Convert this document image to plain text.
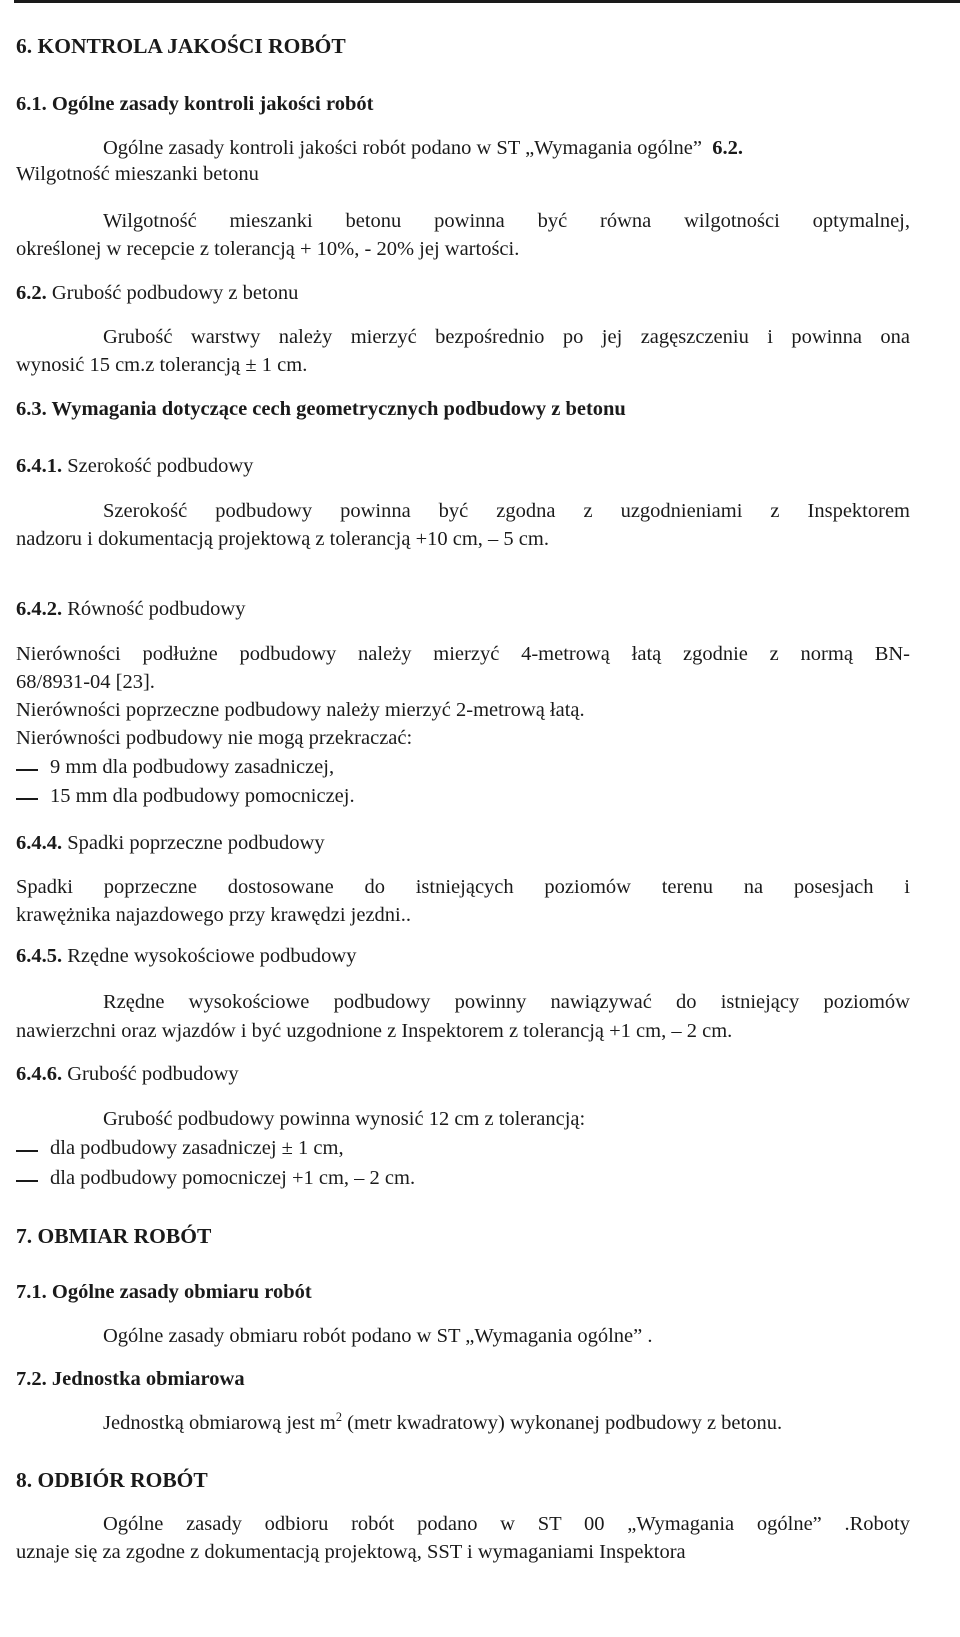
6. KONTROLA JAKOŚCI ROBÓT

6.1. Ogólne zasady kontroli jakości robót

Ogólne zasady kontroli jakości robót podano w ST „Wymagania ogólne” 6.2.

Wilgotność mieszanki betonu

Wilgotność mieszanki betonu powinna być równa wilgotności optymalnej,

określonej w recepcie z tolerancją + 10%, - 20% jej wartości.

6.2. Grubość podbudowy z betonu

Grubość warstwy należy mierzyć bezpośrednio po jej zagęszczeniu i powinna ona

wynosić 15 cm.z tolerancją ± 1 cm.

6.3. Wymagania dotyczące cech geometrycznych podbudowy z betonu

6.4.1. Szerokość podbudowy

Szerokość podbudowy powinna być zgodna z uzgodnieniami z Inspektorem

nadzoru i dokumentacją projektową z tolerancją +10 cm, – 5 cm.

6.4.2. Równość podbudowy

Nierówności podłużne podbudowy należy mierzyć 4-metrową łatą zgodnie z normą BN-

68/8931-04 [23].

Nierówności poprzeczne podbudowy należy mierzyć 2-metrową łatą.

Nierówności podbudowy nie mogą przekraczać:

9 mm dla podbudowy zasadniczej,

15 mm dla podbudowy pomocniczej.

6.4.4. Spadki poprzeczne podbudowy

Spadki poprzeczne dostosowane do istniejących poziomów terenu na posesjach i

krawężnika najazdowego przy krawędzi jezdni..

6.4.5. Rzędne wysokościowe podbudowy

Rzędne wysokościowe podbudowy powinny nawiązywać do istniejący poziomów

nawierzchni oraz wjazdów i być uzgodnione z Inspektorem z tolerancją +1 cm, – 2 cm.

6.4.6. Grubość podbudowy

Grubość podbudowy powinna wynosić 12 cm z tolerancją:

dla podbudowy zasadniczej ± 1 cm,

dla podbudowy pomocniczej +1 cm, – 2 cm.

7. OBMIAR ROBÓT

7.1. Ogólne zasady obmiaru robót

Ogólne zasady obmiaru robót podano w ST „Wymagania ogólne” .

7.2. Jednostka obmiarowa

Jednostką obmiarową jest $m^2$ (metr kwadratowy) wykonanej podbudowy z betonu.

8. ODBIÓR ROBÓT

Ogólne zasady odbioru robót podano w ST 00 „Wymagania ogólne” .Roboty

uznaje się za zgodne z dokumentacją projektową, SST i wymaganiami Inspektora
